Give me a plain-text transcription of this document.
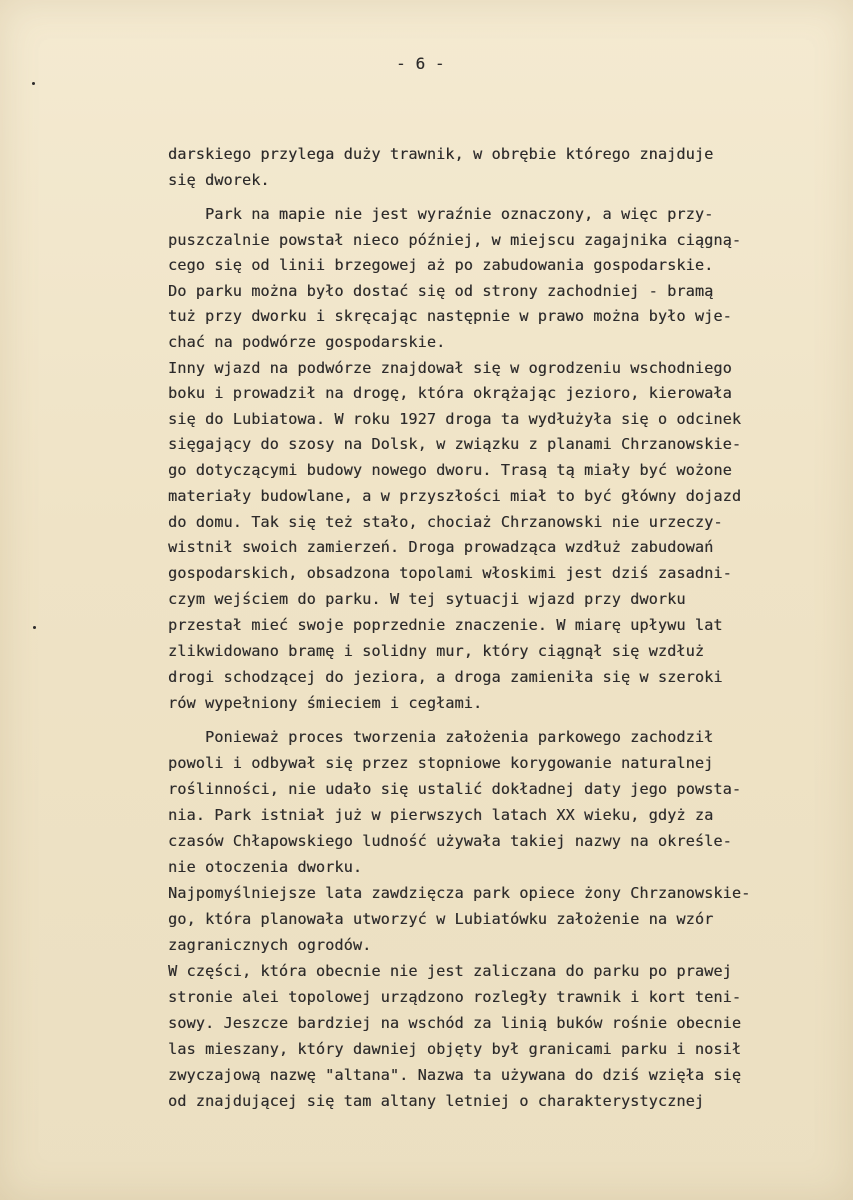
- 6 -
darskiego przylega duży trawnik, w obrębie którego znajduje
się dworek.
Park na mapie nie jest wyraźnie oznaczony, a więc przy-
puszczalnie powstał nieco później, w miejscu zagajnika ciągną-
cego się od linii brzegowej aż po zabudowania gospodarskie.
Do parku można było dostać się od strony zachodniej - bramą
tuż przy dworku i skręcając następnie w prawo można było wje-
chać na podwórze gospodarskie.
Inny wjazd na podwórze znajdował się w ogrodzeniu wschodniego
boku i prowadził na drogę, która okrążając jezioro, kierowała
się do Lubiatowa. W roku 1927 droga ta wydłużyła się o odcinek
sięgający do szosy na Dolsk, w związku z planami Chrzanowskie-
go dotyczącymi budowy nowego dworu. Trasą tą miały być wożone
materiały budowlane, a w przyszłości miał to być główny dojazd
do domu. Tak się też stało, chociaż Chrzanowski nie urzeczy-
wistnił swoich zamierzeń. Droga prowadząca wzdłuż zabudowań
gospodarskich, obsadzona topolami włoskimi jest dziś zasadni-
czym wejściem do parku. W tej sytuacji wjazd przy dworku
przestał mieć swoje poprzednie znaczenie. W miarę upływu lat
zlikwidowano bramę i solidny mur, który ciągnął się wzdłuż
drogi schodzącej do jeziora, a droga zamieniła się w szeroki
rów wypełniony śmieciem i cegłami.
Ponieważ proces tworzenia założenia parkowego zachodził
powoli i odbywał się przez stopniowe korygowanie naturalnej
roślinności, nie udało się ustalić dokładnej daty jego powsta-
nia. Park istniał już w pierwszych latach XX wieku, gdyż za
czasów Chłapowskiego ludność używała takiej nazwy na określe-
nie otoczenia dworku.
Najpomyślniejsze lata zawdzięcza park opiece żony Chrzanowskie-
go, która planowała utworzyć w Lubiatówku założenie na wzór
zagranicznych ogrodów.
W części, która obecnie nie jest zaliczana do parku po prawej
stronie alei topolowej urządzono rozległy trawnik i kort teni-
sowy. Jeszcze bardziej na wschód za linią buków rośnie obecnie
las mieszany, który dawniej objęty był granicami parku i nosił
zwyczajową nazwę "altana". Nazwa ta używana do dziś wzięła się
od znajdującej się tam altany letniej o charakterystycznej
